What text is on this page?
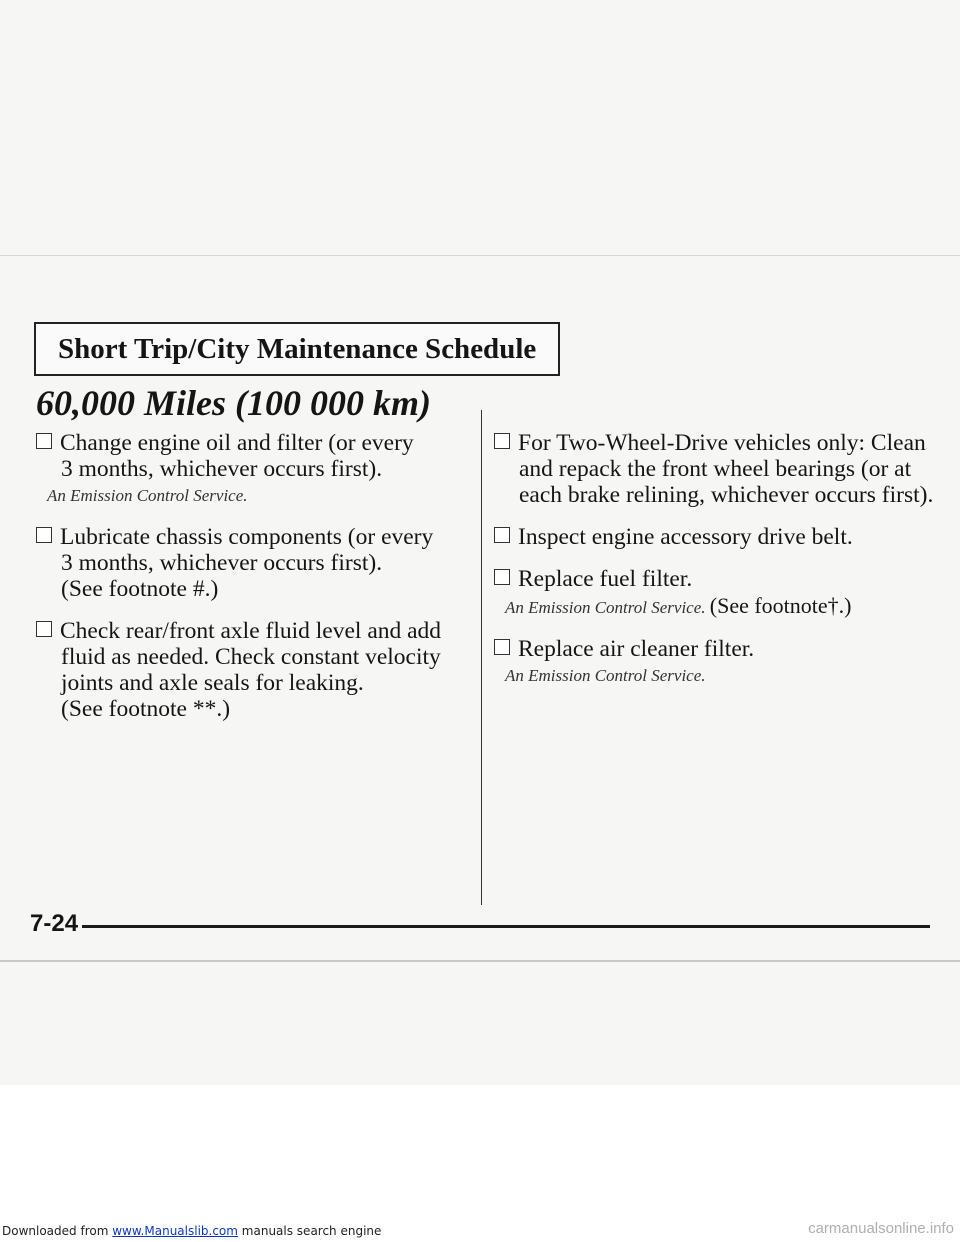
Short Trip/City Maintenance Schedule
60,000 Miles (100 000 km)
Change engine oil and filter (or every
3 months, whichever occurs first).
An Emission Control Service.
Lubricate chassis components (or every
3 months, whichever occurs first).
(See footnote #.)
Check rear/front axle fluid level and add
fluid as needed. Check constant velocity
joints and axle seals for leaking.
(See footnote **.)
For Two-Wheel-Drive vehicles only: Clean
and repack the front wheel bearings (or at
each brake relining, whichever occurs first).
Inspect engine accessory drive belt.
Replace fuel filter.
An Emission Control Service. (See footnote†.)
Replace air cleaner filter.
An Emission Control Service.
7-24
Downloaded from www.Manualslib.com manuals search engine	carmanualsonline.info
